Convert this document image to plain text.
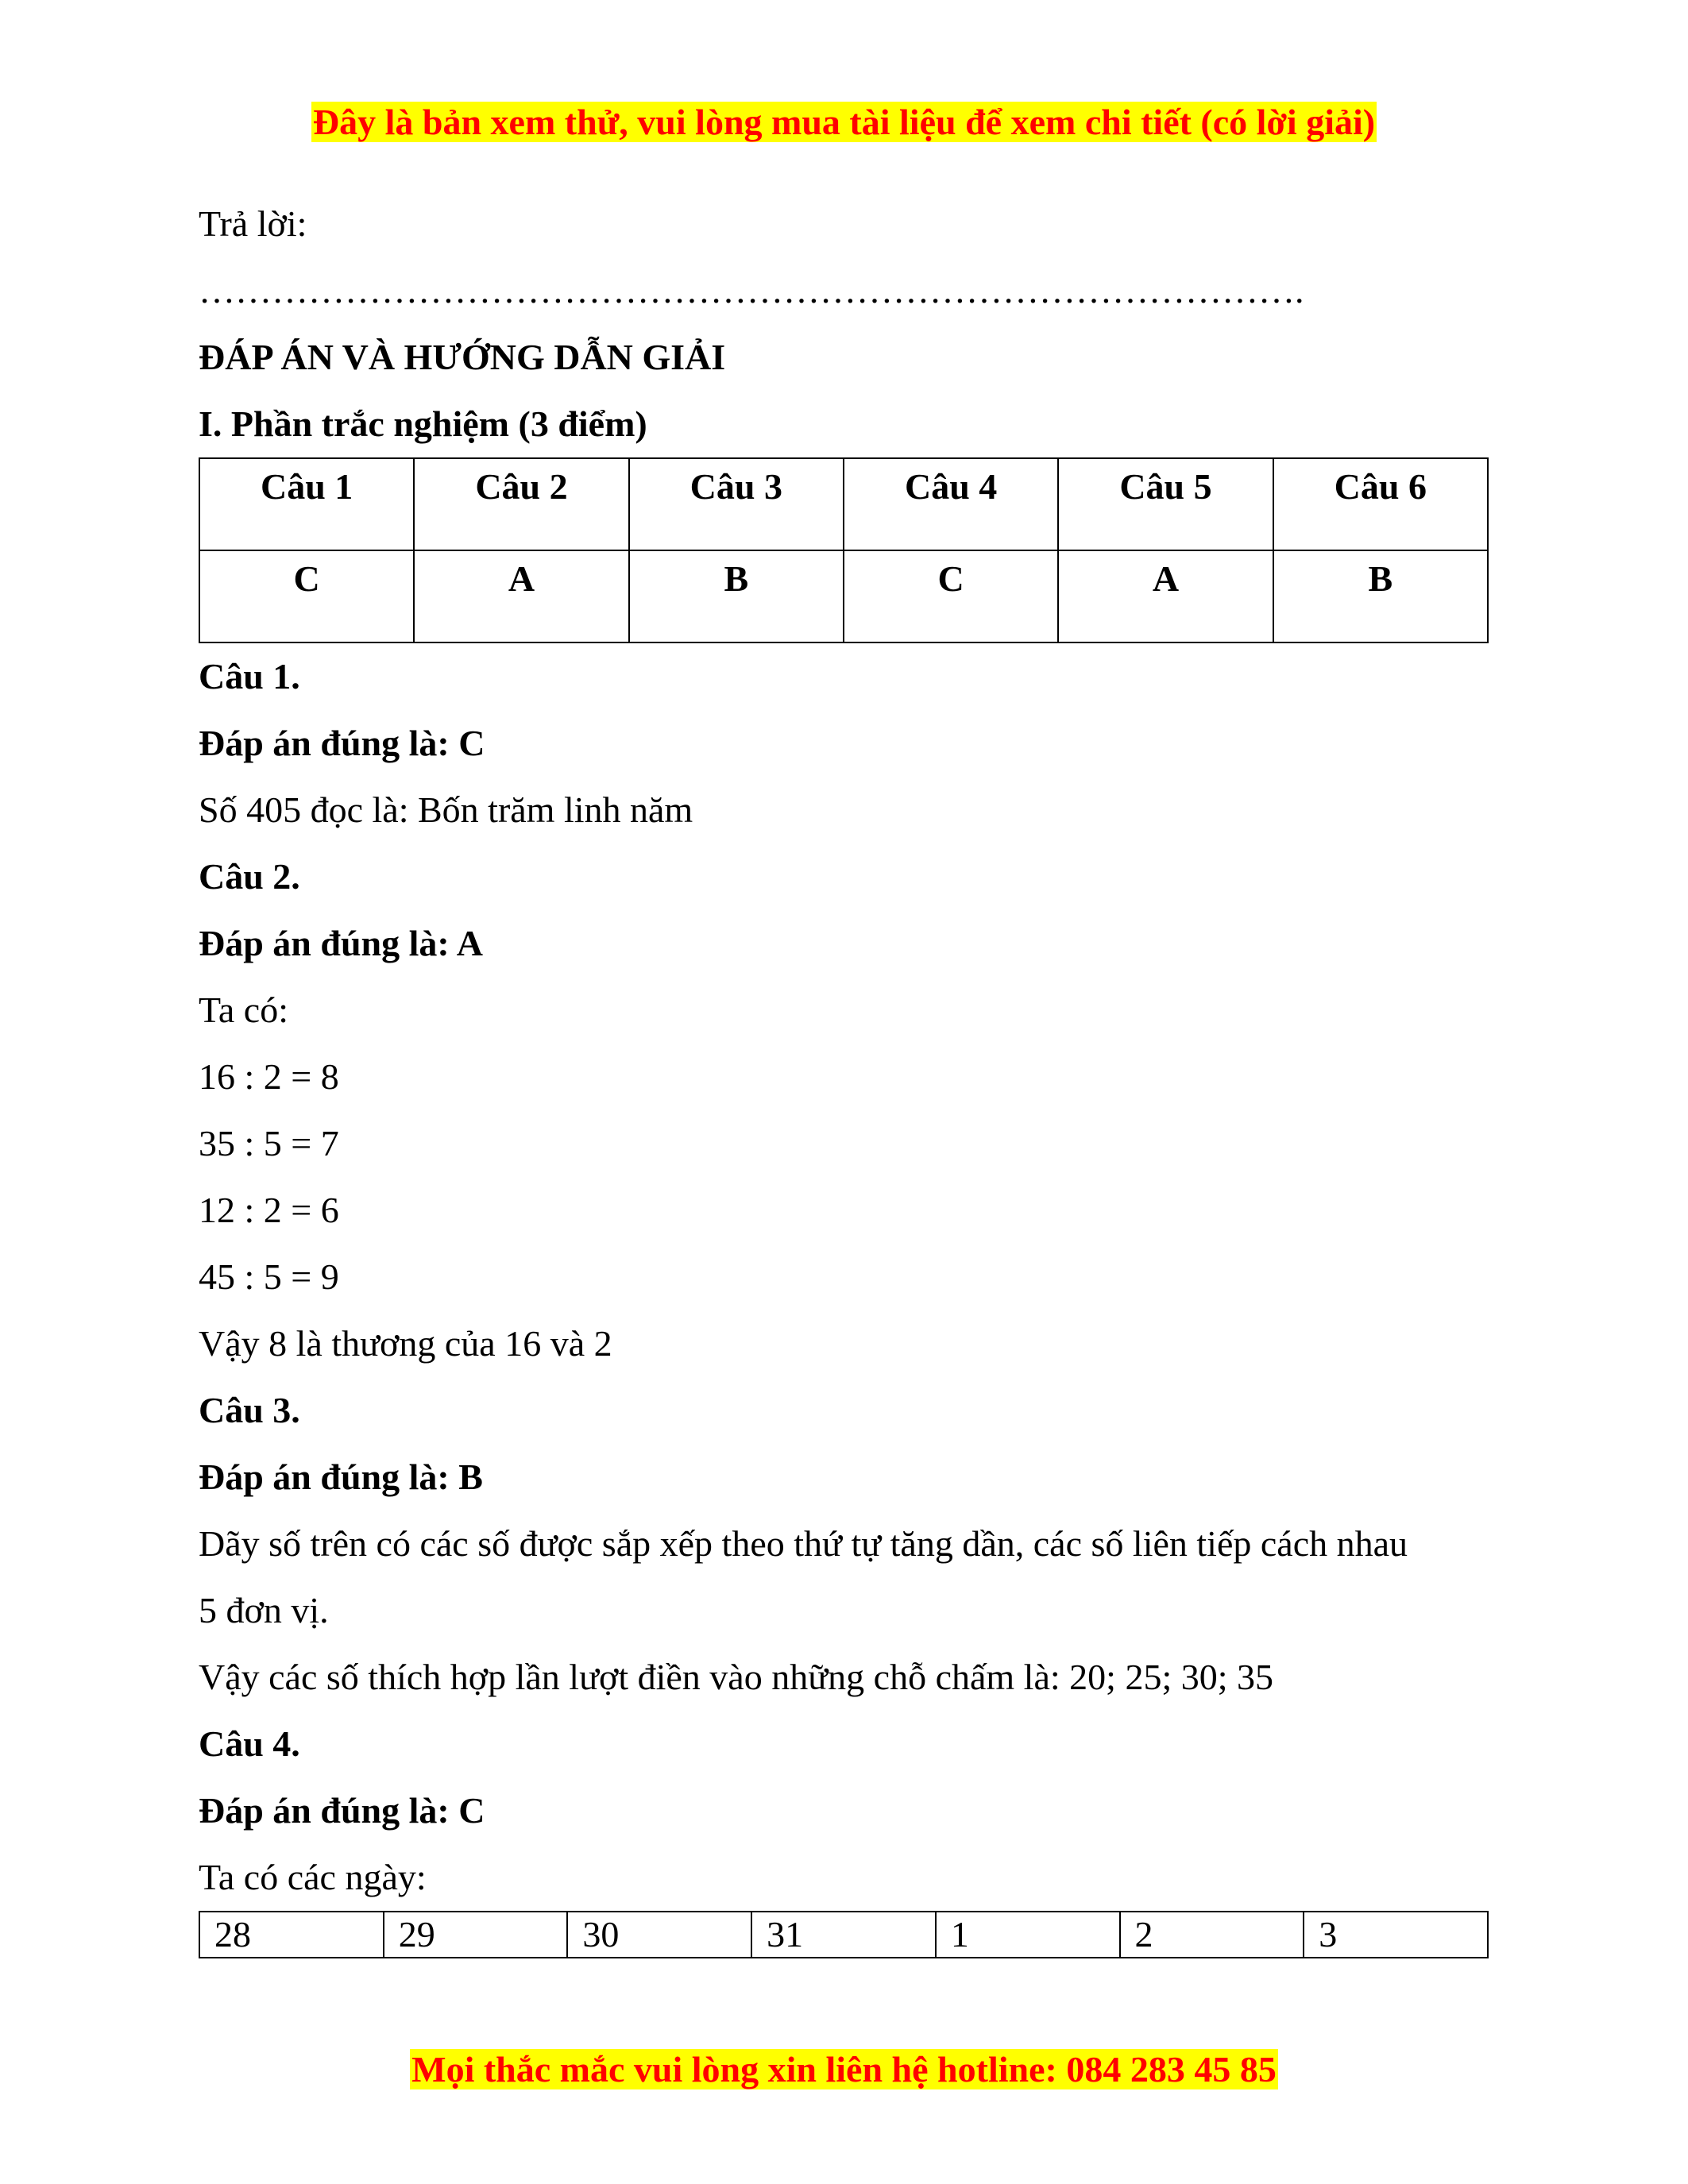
Đây là bản xem thử, vui lòng mua tài liệu để xem chi tiết (có lời giải)
Trả lời:
……………………………………………………………………………….
ĐÁP ÁN VÀ HƯỚNG DẪN GIẢI
I. Phần trắc nghiệm (3 điểm)
Câu 1	Câu 2	Câu 3	Câu 4	Câu 5	Câu 6
C	A	B	C	A	B
Câu 1.
Đáp án đúng là: C
Số 405 đọc là: Bốn trăm linh năm
Câu 2.
Đáp án đúng là: A
Ta có:
16 : 2 = 8
35 : 5 = 7
12 : 2 = 6
45 : 5 = 9
Vậy 8 là thương của 16 và 2
Câu 3.
Đáp án đúng là: B
Dãy số trên có các số được sắp xếp theo thứ tự tăng dần, các số liên tiếp cách nhau
5 đơn vị.
Vậy các số thích hợp lần lượt điền vào những chỗ chấm là: 20; 25; 30; 35
Câu 4.
Đáp án đúng là: C
Ta có các ngày:
28	29	30	31	1	2	3
Mọi thắc mắc vui lòng xin liên hệ hotline: 084 283 45 85
